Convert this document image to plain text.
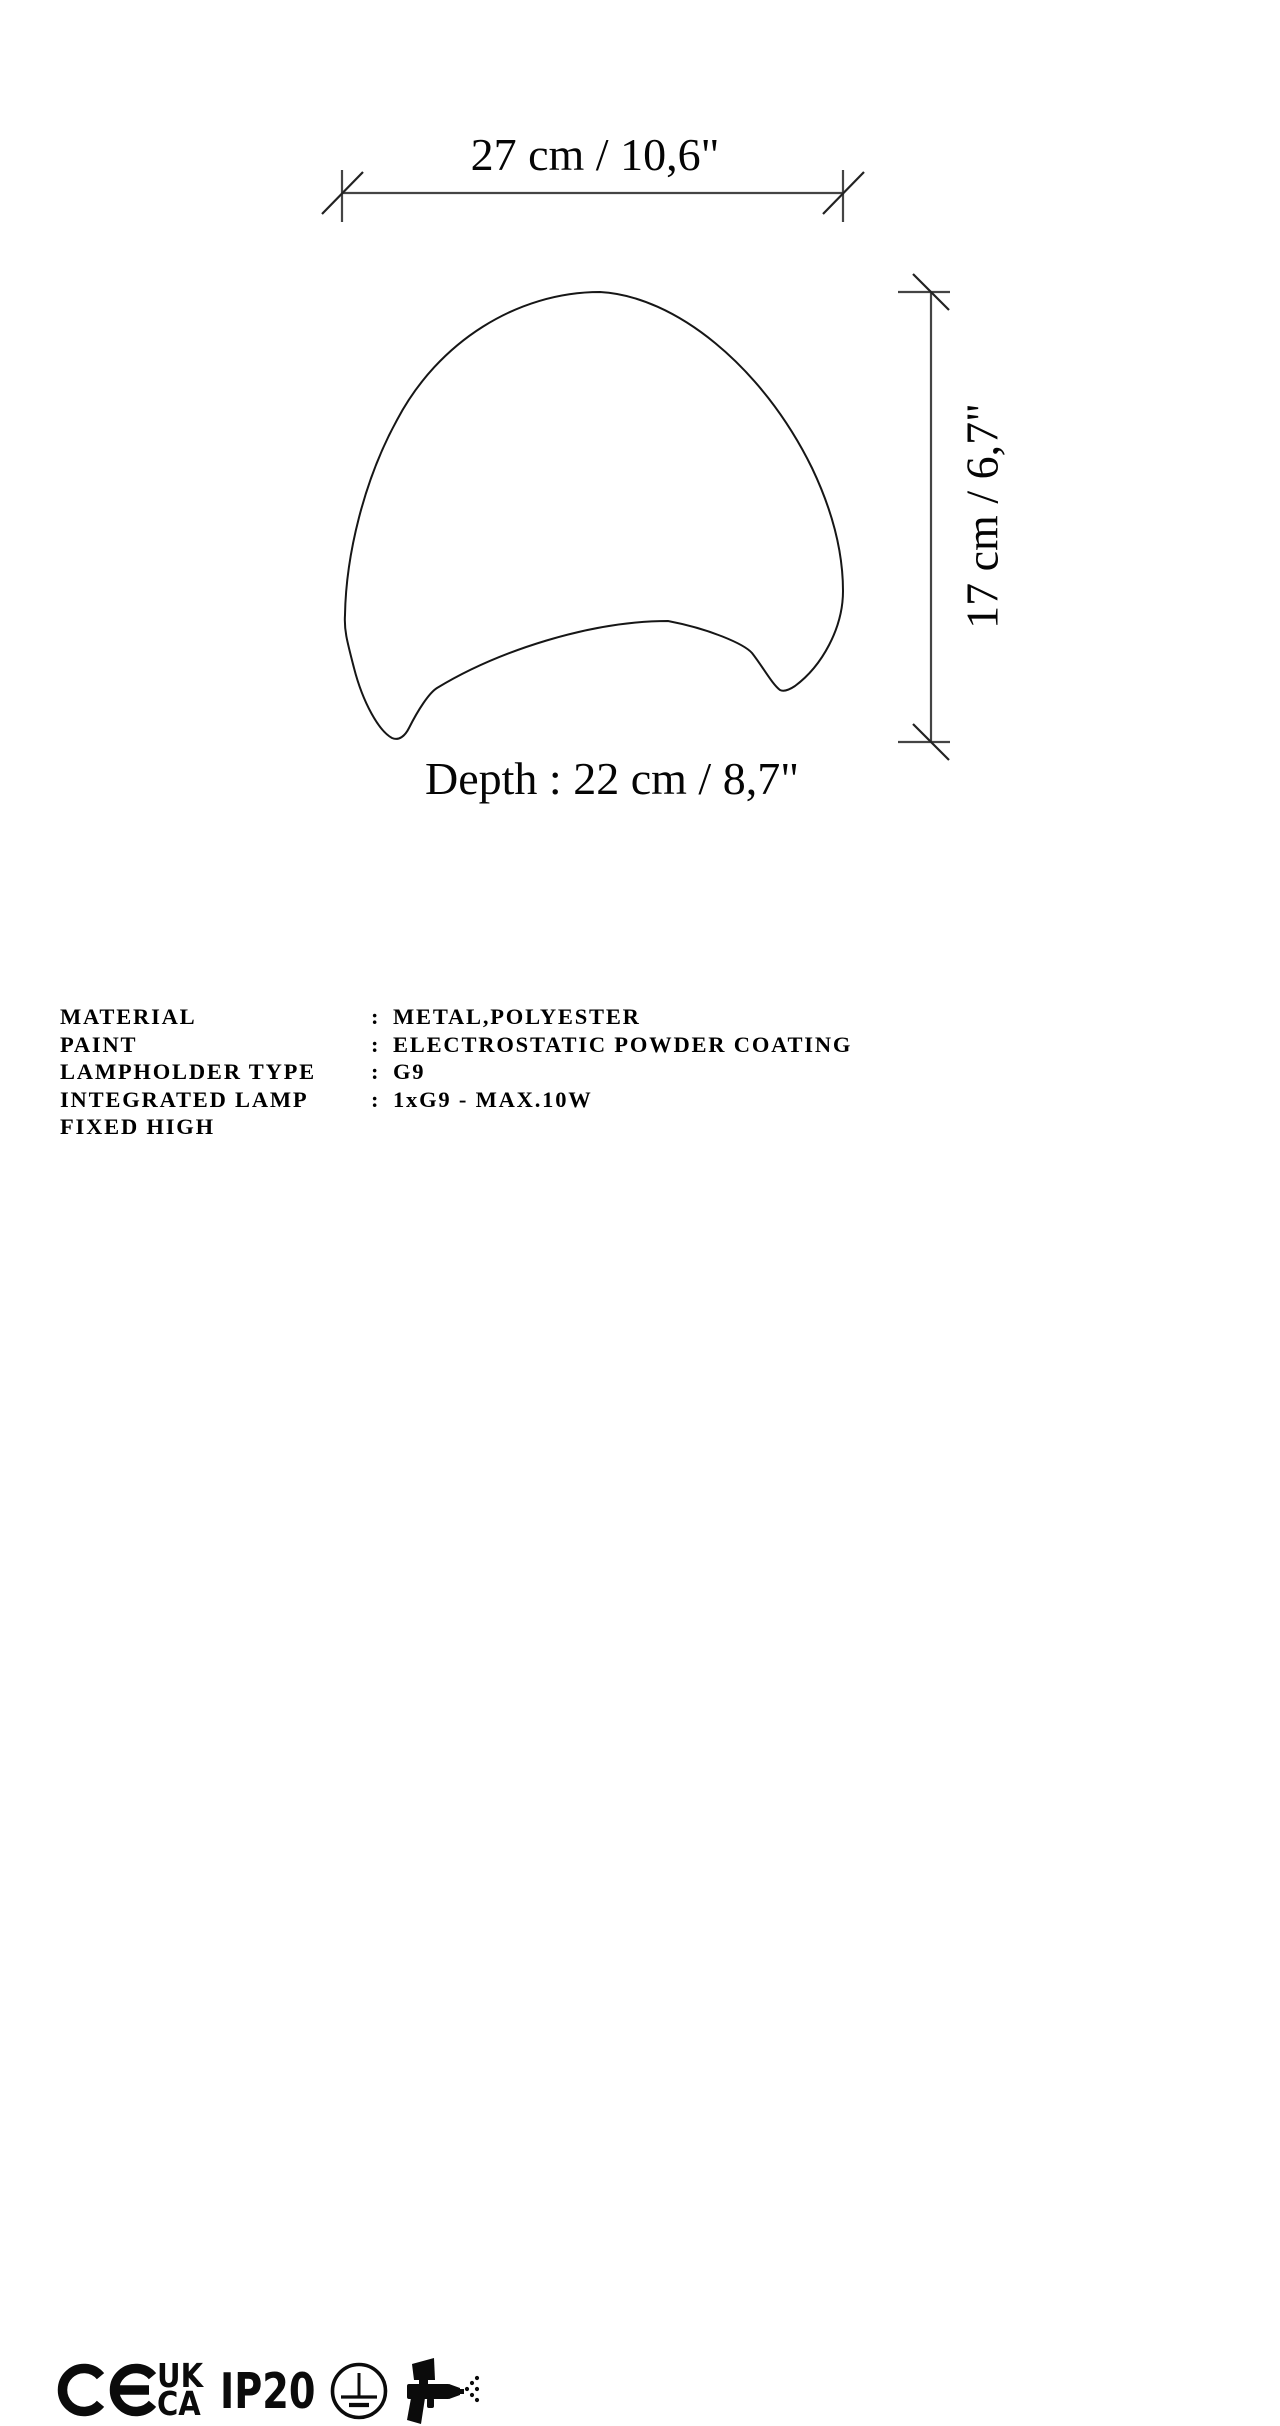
27 cm / 10,6"
17 cm / 6,7"
Depth : 22 cm / 8,7"
MATERIAL	: METAL,POLYESTER
PAINT	: ELECTROSTATIC POWDER COATING
LAMPHOLDER TYPE	: G9
INTEGRATED LAMP	: 1xG9 - MAX.10W
FIXED HIGH
UK
CA IP20
